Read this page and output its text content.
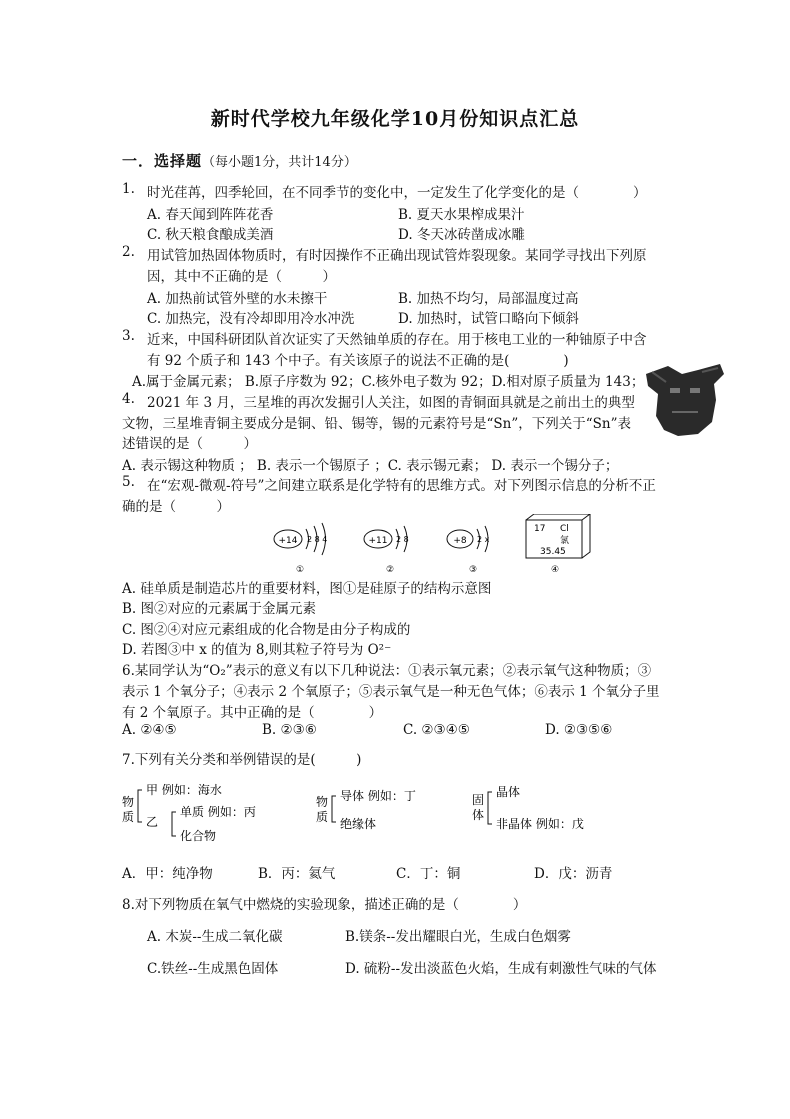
新时代学校九年级化学10月份知识点汇总
一．选择题（每小题1分，共计14分）
1. 时光荏苒，四季轮回，在不同季节的变化中，一定发生了化学变化的是（　　　　）
A. 春天闻到阵阵花香	B. 夏天水果榨成果汁
C. 秋天粮食酿成美酒	D. 冬天冰砖凿成冰雕
2. 用试管加热固体物质时，有时因操作不正确出现试管炸裂现象。某同学寻找出下列原
因，其中不正确的是（　　　）
A. 加热前试管外壁的水未擦干	B. 加热不均匀，局部温度过高
C. 加热完，没有冷却即用冷水冲洗	D. 加热时，试管口略向下倾斜
3. 近来，中国科研团队首次证实了天然铀单质的存在。用于核电工业的一种铀原子中含
有 92 个质子和 143 个中子。有关该原子的说法不正确的是(　　　　)
A.属于金属元素； B.原子序数为 92；C.核外电子数为 92；D.相对原子质量为 143；
4. 2021 年 3 月，三星堆的再次发掘引人关注，如图的青铜面具就是之前出土的典型
文物，三星堆青铜主要成分是铜、铅、锡等，锡的元素符号是“Sn”，下列关于“Sn”表
述错误的是（　　　）
A. 表示锡这种物质 ； B. 表示一个锡原子 ；C. 表示锡元素； D. 表示一个锡分子；
5. 在“宏观-微观-符号”之间建立联系是化学特有的思维方式。对下列图示信息的分析不正
确的是（　　　）
+14 2 8 4
①
+11 2 8
②
+8 2 x
③
17 Cl
氯
35.45
④
A. 硅单质是制造芯片的重要材料，图①是硅原子的结构示意图
B. 图②对应的元素属于金属元素
C. 图②④对应元素组成的化合物是由分子构成的
D. 若图③中 x 的值为 8,则其粒子符号为 O²⁻
6.某同学认为“O₂”表示的意义有以下几种说法：①表示氧元素；②表示氧气这种物质；③
表示 1 个氧分子；④表示 2 个氧原子；⑤表示氧气是一种无色气体；⑥表示 1 个氧分子里
有 2 个氧原子。其中正确的是（　　　　）
A. ②④⑤	B. ②③⑥	C. ②③④⑤	D. ②③⑤⑥
7.下列有关分类和举例错误的是(　　　)
物
质
甲 例如：海水
乙
单质 例如：丙
化合物
物
质
导体 例如：丁
绝缘体
固
体
晶体
非晶体 例如：戊
A．甲：纯净物	B．丙：氦气	C．丁：铜	D．戊：沥青
8.对下列物质在氧气中燃烧的实验现象，描述正确的是（　　　　）
A. 木炭--生成二氧化碳	B.镁条--发出耀眼白光，生成白色烟雾
C.铁丝--生成黑色固体	D. 硫粉--发出淡蓝色火焰，生成有刺激性气味的气体
